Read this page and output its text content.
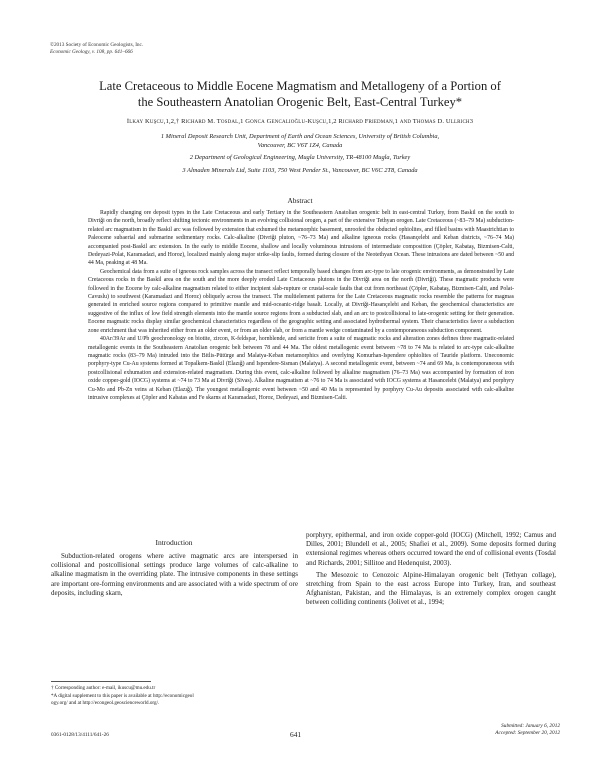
©2013 Society of Economic Geologists, Inc.
Economic Geology, v. 108, pp. 641–666
Late Cretaceous to Middle Eocene Magmatism and Metallogeny of a Portion of
the Southeastern Anatolian Orogenic Belt, East-Central Turkey*
İlkay Kuşcu,1,2,† Richard M. Tosdal,1 Gonca Gencalioğlu-Kuşcu,1,2 Richard Friedman,1 and Thomas D. Ullrich3
1 Mineral Deposit Research Unit, Department of Earth and Ocean Sciences, University of British Columbia,
Vancouver, BC V6T 1Z4, Canada
2 Department of Geological Engineering, Mugla University, TR-48100 Mugla, Turkey
3 Almaden Minerals Ltd, Suite 1103, 750 West Pender St., Vancouver, BC V6C 2T8, Canada
Abstract

Rapidly changing ore deposit types in the Late Cretaceous and early Tertiary in the Southeastern Anatolian orogenic belt in east-central Turkey, from Baskil on the south to Divriği on the north, broadly reflect shifting tectonic environments in an evolving collisional orogen, a part of the extensive Tethyan orogen. Late Cretaceous (~83–79 Ma) subduction-related arc magmatism in the Baskil arc was followed by extension that exhumed the metamorphic basement, unroofed the obducted ophiolites, and filled basins with Maastrichtian to Paleocene subaerial and submarine sedimentary rocks. Calc-alkaline (Divriği pluton, ~76–73 Ma) and alkaline igneous rocks (Hasançelebi and Keban districts, ~76–74 Ma) accompanied post-Baskil arc extension. In the early to middle Eocene, shallow and locally voluminous intrusions of intermediate composition (Çöpler, Kabataş, Bizmisen-Calti, Dedeyazi-Polat, Karamadazi, and Horoz), localized mainly along major strike-slip faults, formed during closure of the Neotethyan Ocean. These intrusions are dated between ~50 and 44 Ma, peaking at 48 Ma.

Geochemical data from a suite of igneous rock samples across the transect reflect temporally based changes from arc-type to late orogenic environments, as demonstrated by Late Cretaceous rocks in the Baskil area on the south and the more deeply eroded Late Cretaceous plutons in the Divriği area on the north (Divriği). These magmatic products were followed in the Eocene by calc-alkaline magmatism related to either incipient slab-rupture or crustal-scale faults that cut from northeast (Çöpler, Kabataş, Bizmisen-Calti, and Polat-Cavuslu) to southwest (Karamadazi and Horoz) obliquely across the transect. The multielement patterns for the Late Cretaceous magmatic rocks resemble the patterns for magmas generated in enriched source regions compared to primitive mantle and mid-oceanic-ridge basalt. Locally, at Divriği-Hasançelebi and Keban, the geochemical characteristics are suggestive of the influx of low field strength elements into the mantle source regions from a subducted slab, and an arc to postcollisional to late-orogenic setting for their generation. Eocene magmatic rocks display similar geochemical characteristics regardless of the geographic setting and associated hydrothermal system. Their characteristics favor a subduction zone enrichment that was inherited either from an older event, or from an older slab, or from a mantle wedge contaminated by a contemporaneous subduction component.

40Ar/39Ar and U/Pb geochronology on biotite, zircon, K-feldspar, hornblende, and sericite from a suite of magmatic rocks and alteration zones defines three magmatic-related metallogenic events in the Southeastern Anatolian orogenic belt between 78 and 44 Ma. The oldest metallogenic event between ~78 to 74 Ma is related to arc-type calc-alkaline magmatic rocks (83–79 Ma) intruded into the Bitlis-Pütürge and Malatya-Keban metamorphics and overlying Komurhan-Ispendere ophiolites of Tauride platform. Uneconomic porphyry-type Cu-Au systems formed at Topalkem-Baskil (Elazığ) and Ispendere-Sisman (Malatya). A second metallogenic event, between ~74 and 69 Ma, is contemporaneous with postcollisional exhumation and extension-related magmatism. During this event, calc-alkaline followed by alkaline magmatism (76–73 Ma) was accompanied by formation of iron oxide copper-gold (IOCG) systems at ~74 to 73 Ma at Divriği (Sivas). Alkaline magmatism at ~76 to 74 Ma is associated with IOCG systems at Hasancelebi (Malatya) and porphyry Cu-Mo and Pb-Zn veins at Keban (Elazığ). The youngest metallogenic event between ~50 and 40 Ma is represented by porphyry Cu-Au deposits associated with calc-alkaline intrusive complexes at Çöpler and Kabatas and Fe skarns at Karamadazi, Horoz, Dedeyazi, and Bizmisen-Calti.

Introduction

Subduction-related orogens where active magmatic arcs are interspersed in collisional and postcollisional settings produce large volumes of calc-alkaline to alkaline magmatism in the overriding plate. The intrusive components in these settings are important ore-forming environments and are associated with a wide spectrum of ore deposits, including skarn,

porphyry, epithermal, and iron oxide copper-gold (IOCG) (Mitchell, 1992; Camus and Dilles, 2001; Blundell et al., 2005; Shafiei et al., 2009). Some deposits formed during extensional regimes whereas others occurred toward the end of collisional events (Tosdal and Richards, 2001; Sillitoe and Hedenquist, 2003).

The Mesozoic to Cenozoic Alpine-Himalayan orogenic belt (Tethyan collage), stretching from Spain to the east across Europe into Turkey, Iran, and southeast Afghanistan, Pakistan, and the Himalayas, is an extremely complex orogen caught between colliding continents (Jolivet et al., 1994;

† Corresponding author: e-mail, ikuscu@mu.edu.tr
*A digital supplement to this paper is available at http://economicgeol
ogy.org/ and at http://econgeol.geoscienceworld.org/.
0361-0128/13/4111/641-26	641
Submitted: January 6, 2012
Accepted: September 20, 2012
